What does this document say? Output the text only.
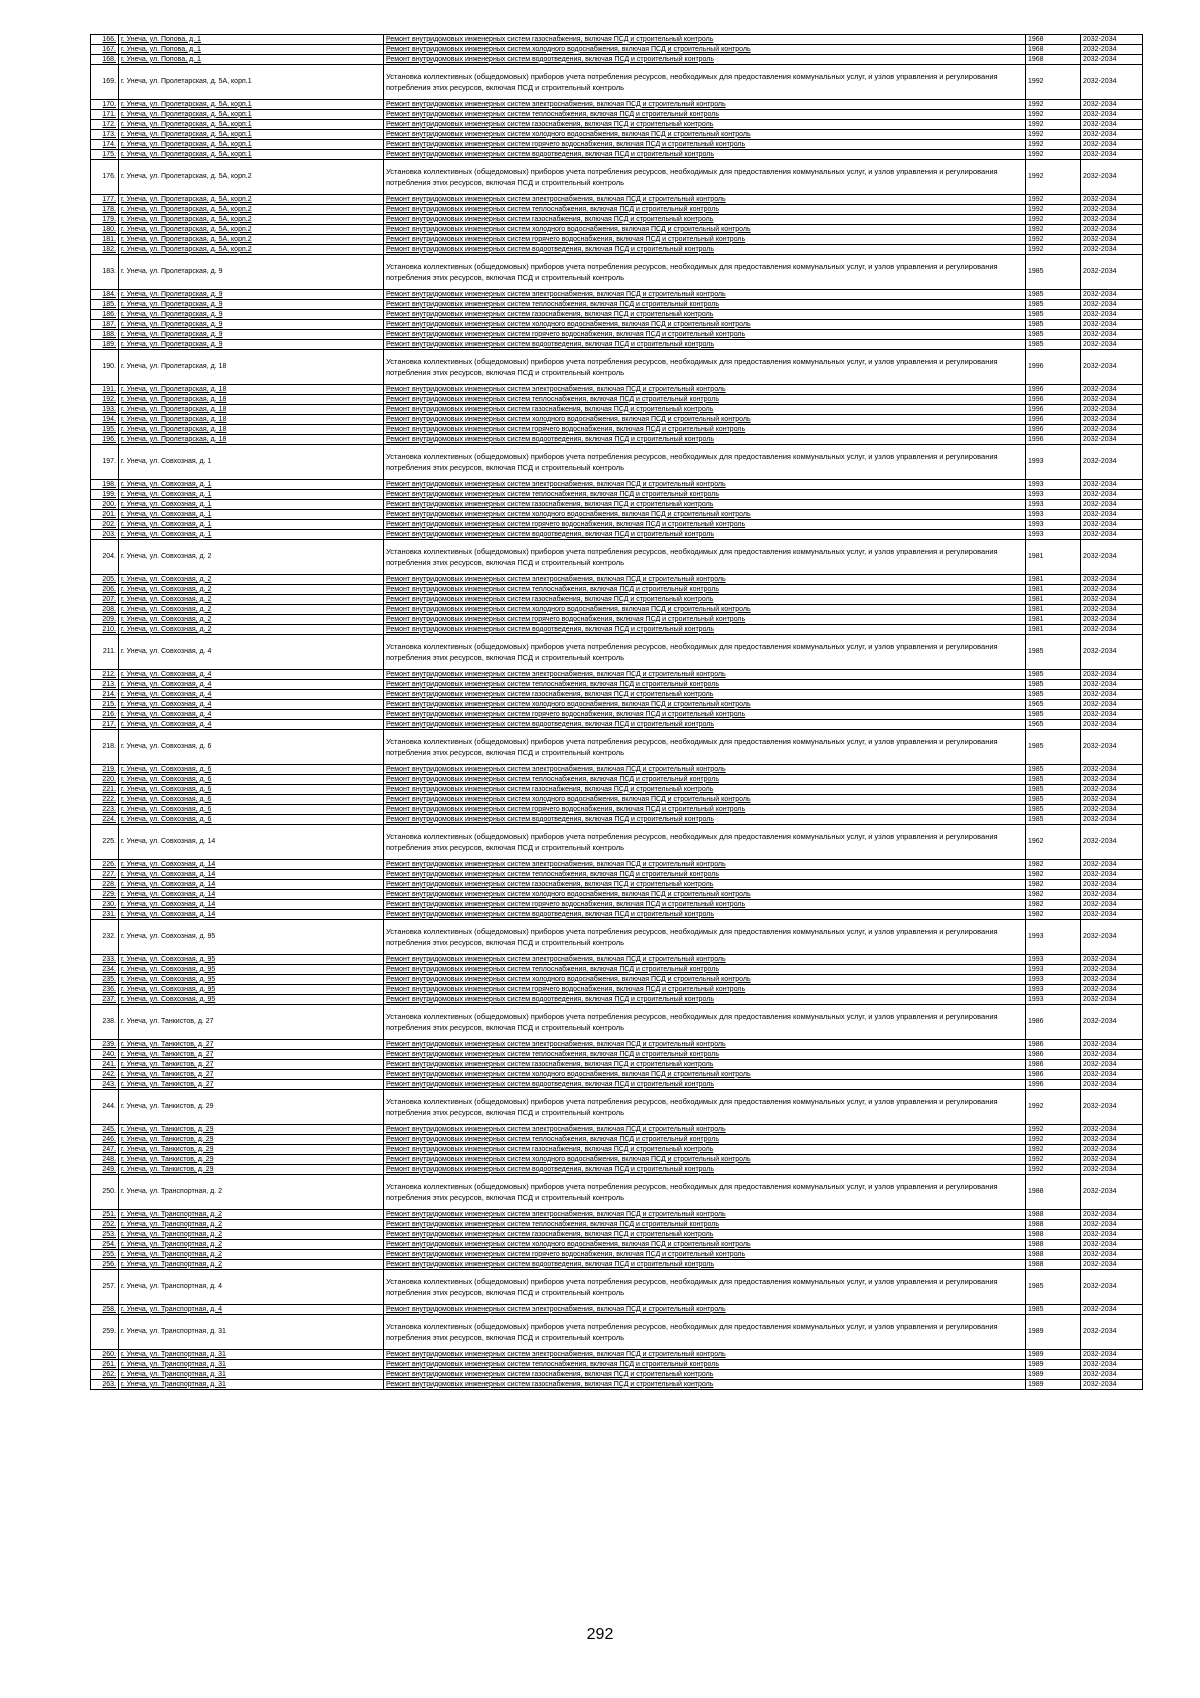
166.	г. Унеча, ул. Попова, д. 1	Ремонт внутридомовых инженерных систем газоснабжения, включая ПСД и строительный контроль	1968	2032-2034
167.	г. Унеча, ул. Попова, д. 1	Ремонт внутридомовых инженерных систем холодного водоснабжения, включая ПСД и строительный контроль	1968	2032-2034
168.	г. Унеча, ул. Попова, д. 1	Ремонт внутридомовых инженерных систем водоотведения, включая ПСД и строительный контроль	1968	2032-2034
169.	г. Унеча, ул. Пролетарская, д. 5А, корп.1	Установка коллективных (общедомовых) приборов учета потребления ресурсов, необходимых для предоставления коммунальных услуг, и узлов управления и регулирования потребления этих ресурсов, включая ПСД и строительный контроль	1992	2032-2034
170.	г. Унеча, ул. Пролетарская, д. 5А, корп.1	Ремонт внутридомовых инженерных систем электроснабжения, включая ПСД и строительный контроль	1992	2032-2034
171.	г. Унеча, ул. Пролетарская, д. 5А, корп.1	Ремонт внутридомовых инженерных систем теплоснабжения, включая ПСД и строительный контроль	1992	2032-2034
172.	г. Унеча, ул. Пролетарская, д. 5А, корп.1	Ремонт внутридомовых инженерных систем газоснабжения, включая ПСД и строительный контроль	1992	2032-2034
173.	г. Унеча, ул. Пролетарская, д. 5А, корп.1	Ремонт внутридомовых инженерных систем холодного водоснабжения, включая ПСД и строительный контроль	1992	2032-2034
174.	г. Унеча, ул. Пролетарская, д. 5А, корп.1	Ремонт внутридомовых инженерных систем горячего водоснабжения, включая ПСД и строительный контроль	1992	2032-2034
175.	г. Унеча, ул. Пролетарская, д. 5А, корп.1	Ремонт внутридомовых инженерных систем водоотведения, включая ПСД и строительный контроль	1992	2032-2034
176.	г. Унеча, ул. Пролетарская, д. 5А, корп.2	Установка коллективных (общедомовых) приборов учета потребления ресурсов, необходимых для предоставления коммунальных услуг, и узлов управления и регулирования потребления этих ресурсов, включая ПСД и строительный контроль	1992	2032-2034
177.	г. Унеча, ул. Пролетарская, д. 5А, корп.2	Ремонт внутридомовых инженерных систем электроснабжения, включая ПСД и строительный контроль	1992	2032-2034
178.	г. Унеча, ул. Пролетарская, д. 5А, корп.2	Ремонт внутридомовых инженерных систем теплоснабжения, включая ПСД и строительный контроль	1992	2032-2034
179.	г. Унеча, ул. Пролетарская, д. 5А, корп.2	Ремонт внутридомовых инженерных систем газоснабжения, включая ПСД и строительный контроль	1992	2032-2034
180.	г. Унеча, ул. Пролетарская, д. 5А, корп.2	Ремонт внутридомовых инженерных систем холодного водоснабжения, включая ПСД и строительный контроль	1992	2032-2034
181.	г. Унеча, ул. Пролетарская, д. 5А, корп.2	Ремонт внутридомовых инженерных систем горячего водоснабжения, включая ПСД и строительный контроль	1992	2032-2034
182.	г. Унеча, ул. Пролетарская, д. 5А, корп.2	Ремонт внутридомовых инженерных систем водоотведения, включая ПСД и строительный контроль	1992	2032-2034
183.	г. Унеча, ул. Пролетарская, д. 9	Установка коллективных (общедомовых) приборов учета потребления ресурсов, необходимых для предоставления коммунальных услуг, и узлов управления и регулирования потребления этих ресурсов, включая ПСД и строительный контроль	1985	2032-2034
184.	г. Унеча, ул. Пролетарская, д. 9	Ремонт внутридомовых инженерных систем электроснабжения, включая ПСД и строительный контроль	1985	2032-2034
185.	г. Унеча, ул. Пролетарская, д. 9	Ремонт внутридомовых инженерных систем теплоснабжения, включая ПСД и строительный контроль	1985	2032-2034
186.	г. Унеча, ул. Пролетарская, д. 9	Ремонт внутридомовых инженерных систем газоснабжения, включая ПСД и строительный контроль	1985	2032-2034
187.	г. Унеча, ул. Пролетарская, д. 9	Ремонт внутридомовых инженерных систем холодного водоснабжения, включая ПСД и строительный контроль	1985	2032-2034
188.	г. Унеча, ул. Пролетарская, д. 9	Ремонт внутридомовых инженерных систем горячего водоснабжения, включая ПСД и строительный контроль	1985	2032-2034
189.	г. Унеча, ул. Пролетарская, д. 9	Ремонт внутридомовых инженерных систем водоотведения, включая ПСД и строительный контроль	1985	2032-2034
190.	г. Унеча, ул. Пролетарская, д. 18	Установка коллективных (общедомовых) приборов учета потребления ресурсов, необходимых для предоставления коммунальных услуг, и узлов управления и регулирования потребления этих ресурсов, включая ПСД и строительный контроль	1996	2032-2034
191.	г. Унеча, ул. Пролетарская, д. 18	Ремонт внутридомовых инженерных систем электроснабжения, включая ПСД и строительный контроль	1996	2032-2034
192.	г. Унеча, ул. Пролетарская, д. 18	Ремонт внутридомовых инженерных систем теплоснабжения, включая ПСД и строительный контроль	1996	2032-2034
193.	г. Унеча, ул. Пролетарская, д. 18	Ремонт внутридомовых инженерных систем газоснабжения, включая ПСД и строительный контроль	1996	2032-2034
194.	г. Унеча, ул. Пролетарская, д. 18	Ремонт внутридомовых инженерных систем холодного водоснабжения, включая ПСД и строительный контроль	1996	2032-2034
195.	г. Унеча, ул. Пролетарская, д. 18	Ремонт внутридомовых инженерных систем горячего водоснабжения, включая ПСД и строительный контроль	1996	2032-2034
196.	г. Унеча, ул. Пролетарская, д. 18	Ремонт внутридомовых инженерных систем водоотведения, включая ПСД и строительный контроль	1996	2032-2034
197.	г. Унеча, ул. Совхозная, д. 1	Установка коллективных (общедомовых) приборов учета потребления ресурсов, необходимых для предоставления коммунальных услуг, и узлов управления и регулирования потребления этих ресурсов, включая ПСД и строительный контроль	1993	2032-2034
198.	г. Унеча, ул. Совхозная, д. 1	Ремонт внутридомовых инженерных систем электроснабжения, включая ПСД и строительный контроль	1993	2032-2034
199.	г. Унеча, ул. Совхозная, д. 1	Ремонт внутридомовых инженерных систем теплоснабжения, включая ПСД и строительный контроль	1993	2032-2034
200.	г. Унеча, ул. Совхозная, д. 1	Ремонт внутридомовых инженерных систем газоснабжения, включая ПСД и строительный контроль	1993	2032-2034
201.	г. Унеча, ул. Совхозная, д. 1	Ремонт внутридомовых инженерных систем холодного водоснабжения, включая ПСД и строительный контроль	1993	2032-2034
202.	г. Унеча, ул. Совхозная, д. 1	Ремонт внутридомовых инженерных систем горячего водоснабжения, включая ПСД и строительный контроль	1993	2032-2034
203.	г. Унеча, ул. Совхозная, д. 1	Ремонт внутридомовых инженерных систем водоотведения, включая ПСД и строительный контроль	1993	2032-2034
204.	г. Унеча, ул. Совхозная, д. 2	Установка коллективных (общедомовых) приборов учета потребления ресурсов, необходимых для предоставления коммунальных услуг, и узлов управления и регулирования потребления этих ресурсов, включая ПСД и строительный контроль	1981	2032-2034
205.	г. Унеча, ул. Совхозная, д. 2	Ремонт внутридомовых инженерных систем электроснабжения, включая ПСД и строительный контроль	1981	2032-2034
206.	г. Унеча, ул. Совхозная, д. 2	Ремонт внутридомовых инженерных систем теплоснабжения, включая ПСД и строительный контроль	1981	2032-2034
207.	г. Унеча, ул. Совхозная, д. 2	Ремонт внутридомовых инженерных систем газоснабжения, включая ПСД и строительный контроль	1981	2032-2034
208.	г. Унеча, ул. Совхозная, д. 2	Ремонт внутридомовых инженерных систем холодного водоснабжения, включая ПСД и строительный контроль	1981	2032-2034
209.	г. Унеча, ул. Совхозная, д. 2	Ремонт внутридомовых инженерных систем горячего водоснабжения, включая ПСД и строительный контроль	1981	2032-2034
210.	г. Унеча, ул. Совхозная, д. 2	Ремонт внутридомовых инженерных систем водоотведения, включая ПСД и строительный контроль	1981	2032-2034
211.	г. Унеча, ул. Совхозная, д. 4	Установка коллективных (общедомовых) приборов учета потребления ресурсов, необходимых для предоставления коммунальных услуг, и узлов управления и регулирования потребления этих ресурсов, включая ПСД и строительный контроль	1985	2032-2034
212.	г. Унеча, ул. Совхозная, д. 4	Ремонт внутридомовых инженерных систем электроснабжения, включая ПСД и строительный контроль	1985	2032-2034
213.	г. Унеча, ул. Совхозная, д. 4	Ремонт внутридомовых инженерных систем теплоснабжения, включая ПСД и строительный контроль	1985	2032-2034
214.	г. Унеча, ул. Совхозная, д. 4	Ремонт внутридомовых инженерных систем газоснабжения, включая ПСД и строительный контроль	1985	2032-2034
215.	г. Унеча, ул. Совхозная, д. 4	Ремонт внутридомовых инженерных систем холодного водоснабжения, включая ПСД и строительный контроль	1965	2032-2034
216.	г. Унеча, ул. Совхозная, д. 4	Ремонт внутридомовых инженерных систем горячего водоснабжения, включая ПСД и строительный контроль	1985	2032-2034
217.	г. Унеча, ул. Совхозная, д. 4	Ремонт внутридомовых инженерных систем водоотведения, включая ПСД и строительный контроль	1965	2032-2034
218.	г. Унеча, ул. Совхозная, д. 6	Установка коллективных (общедомовых) приборов учета потребления ресурсов, необходимых для предоставления коммунальных услуг, и узлов управления и регулирования потребления этих ресурсов, включая ПСД и строительный контроль	1985	2032-2034
219.	г. Унеча, ул. Совхозная, д. 6	Ремонт внутридомовых инженерных систем электроснабжения, включая ПСД и строительный контроль	1985	2032-2034
220.	г. Унеча, ул. Совхозная, д. 6	Ремонт внутридомовых инженерных систем теплоснабжения, включая ПСД и строительный контроль	1985	2032-2034
221.	г. Унеча, ул. Совхозная, д. 6	Ремонт внутридомовых инженерных систем газоснабжения, включая ПСД и строительный контроль	1985	2032-2034
222.	г. Унеча, ул. Совхозная, д. 6	Ремонт внутридомовых инженерных систем холодного водоснабжения, включая ПСД и строительный контроль	1985	2032-2034
223.	г. Унеча, ул. Совхозная, д. 6	Ремонт внутридомовых инженерных систем горячего водоснабжения, включая ПСД и строительный контроль	1985	2032-2034
224.	г. Унеча, ул. Совхозная, д. 6	Ремонт внутридомовых инженерных систем водоотведения, включая ПСД и строительный контроль	1985	2032-2034
225.	г. Унеча, ул. Совхозная, д. 14	Установка коллективных (общедомовых) приборов учета потребления ресурсов, необходимых для предоставления коммунальных услуг, и узлов управления и регулирования потребления этих ресурсов, включая ПСД и строительный контроль	1962	2032-2034
226.	г. Унеча, ул. Совхозная, д. 14	Ремонт внутридомовых инженерных систем электроснабжения, включая ПСД и строительный контроль	1982	2032-2034
227.	г. Унеча, ул. Совхозная, д. 14	Ремонт внутридомовых инженерных систем теплоснабжения, включая ПСД и строительный контроль	1982	2032-2034
228.	г. Унеча, ул. Совхозная, д. 14	Ремонт внутридомовых инженерных систем газоснабжения, включая ПСД и строительный контроль	1982	2032-2034
229.	г. Унеча, ул. Совхозная, д. 14	Ремонт внутридомовых инженерных систем холодного водоснабжения, включая ПСД и строительный контроль	1982	2032-2034
230.	г. Унеча, ул. Совхозная, д. 14	Ремонт внутридомовых инженерных систем горячего водоснабжения, включая ПСД и строительный контроль	1982	2032-2034
231.	г. Унеча, ул. Совхозная, д. 14	Ремонт внутридомовых инженерных систем водоотведения, включая ПСД и строительный контроль	1982	2032-2034
232.	г. Унеча, ул. Совхозная, д. 95	Установка коллективных (общедомовых) приборов учета потребления ресурсов, необходимых для предоставления коммунальных услуг, и узлов управления и регулирования потребления этих ресурсов, включая ПСД и строительный контроль	1993	2032-2034
233.	г. Унеча, ул. Совхозная, д. 95	Ремонт внутридомовых инженерных систем электроснабжения, включая ПСД и строительный контроль	1993	2032-2034
234.	г. Унеча, ул. Совхозная, д. 95	Ремонт внутридомовых инженерных систем теплоснабжения, включая ПСД и строительный контроль	1993	2032-2034
235.	г. Унеча, ул. Совхозная, д. 95	Ремонт внутридомовых инженерных систем холодного водоснабжения, включая ПСД и строительный контроль	1993	2032-2034
236.	г. Унеча, ул. Совхозная, д. 95	Ремонт внутридомовых инженерных систем горячего водоснабжения, включая ПСД и строительный контроль	1993	2032-2034
237.	г. Унеча, ул. Совхозная, д. 95	Ремонт внутридомовых инженерных систем водоотведения, включая ПСД и строительный контроль	1993	2032-2034
238.	г. Унеча, ул. Танкистов, д. 27	Установка коллективных (общедомовых) приборов учета потребления ресурсов, необходимых для предоставления коммунальных услуг, и узлов управления и регулирования потребления этих ресурсов, включая ПСД и строительный контроль	1986	2032-2034
239.	г. Унеча, ул. Танкистов, д. 27	Ремонт внутридомовых инженерных систем электроснабжения, включая ПСД и строительный контроль	1986	2032-2034
240.	г. Унеча, ул. Танкистов, д. 27	Ремонт внутридомовых инженерных систем теплоснабжения, включая ПСД и строительный контроль	1986	2032-2034
241.	г. Унеча, ул. Танкистов, д. 27	Ремонт внутридомовых инженерных систем газоснабжения, включая ПСД и строительный контроль	1986	2032-2034
242.	г. Унеча, ул. Танкистов, д. 27	Ремонт внутридомовых инженерных систем холодного водоснабжения, включая ПСД и строительный контроль	1986	2032-2034
243.	г. Унеча, ул. Танкистов, д. 27	Ремонт внутридомовых инженерных систем водоотведения, включая ПСД и строительный контроль	1996	2032-2034
244.	г. Унеча, ул. Танкистов, д. 29	Установка коллективных (общедомовых) приборов учета потребления ресурсов, необходимых для предоставления коммунальных услуг, и узлов управления и регулирования потребления этих ресурсов, включая ПСД и строительный контроль	1992	2032-2034
245.	г. Унеча, ул. Танкистов, д. 29	Ремонт внутридомовых инженерных систем электроснабжения, включая ПСД и строительный контроль	1992	2032-2034
246.	г. Унеча, ул. Танкистов, д. 29	Ремонт внутридомовых инженерных систем теплоснабжения, включая ПСД и строительный контроль	1992	2032-2034
247.	г. Унеча, ул. Танкистов, д. 29	Ремонт внутридомовых инженерных систем газоснабжения, включая ПСД и строительный контроль	1992	2032-2034
248.	г. Унеча, ул. Танкистов, д. 29	Ремонт внутридомовых инженерных систем холодного водоснабжения, включая ПСД и строительный контроль	1992	2032-2034
249.	г. Унеча, ул. Танкистов, д. 29	Ремонт внутридомовых инженерных систем водоотведения, включая ПСД и строительный контроль	1992	2032-2034
250.	г. Унеча, ул. Транспортная, д. 2	Установка коллективных (общедомовых) приборов учета потребления ресурсов, необходимых для предоставления коммунальных услуг, и узлов управления и регулирования потребления этих ресурсов, включая ПСД и строительный контроль	1988	2032-2034
251.	г. Унеча, ул. Транспортная, д. 2	Ремонт внутридомовых инженерных систем электроснабжения, включая ПСД и строительный контроль	1988	2032-2034
252.	г. Унеча, ул. Транспортная, д. 2	Ремонт внутридомовых инженерных систем теплоснабжения, включая ПСД и строительный контроль	1988	2032-2034
253.	г. Унеча, ул. Транспортная, д. 2	Ремонт внутридомовых инженерных систем газоснабжения, включая ПСД и строительный контроль	1988	2032-2034
254.	г. Унеча, ул. Транспортная, д. 2	Ремонт внутридомовых инженерных систем холодного водоснабжения, включая ПСД и строительный контроль	1988	2032-2034
255.	г. Унеча, ул. Транспортная, д. 2	Ремонт внутридомовых инженерных систем горячего водоснабжения, включая ПСД и строительный контроль	1988	2032-2034
256.	г. Унеча, ул. Транспортная, д. 2	Ремонт внутридомовых инженерных систем водоотведения, включая ПСД и строительный контроль	1988	2032-2034
257.	г. Унеча, ул. Транспортная, д. 4	Установка коллективных (общедомовых) приборов учета потребления ресурсов, необходимых для предоставления коммунальных услуг, и узлов управления и регулирования потребления этих ресурсов, включая ПСД и строительный контроль	1985	2032-2034
258.	г. Унеча, ул. Транспортная, д. 4	Ремонт внутридомовых инженерных систем электроснабжения, включая ПСД и строительный контроль	1985	2032-2034
259.	г. Унеча, ул. Транспортная, д. 31	Установка коллективных (общедомовых) приборов учета потребления ресурсов, необходимых для предоставления коммунальных услуг, и узлов управления и регулирования потребления этих ресурсов, включая ПСД и строительный контроль	1989	2032-2034
260.	г. Унеча, ул. Транспортная, д. 31	Ремонт внутридомовых инженерных систем электроснабжения, включая ПСД и строительный контроль	1989	2032-2034
261.	г. Унеча, ул. Транспортная, д. 31	Ремонт внутридомовых инженерных систем теплоснабжения, включая ПСД и строительный контроль	1989	2032-2034
262.	г. Унеча, ул. Транспортная, д. 31	Ремонт внутридомовых инженерных систем газоснабжения, включая ПСД и строительный контроль	1989	2032-2034
263.	г. Унеча, ул. Транспортная, д. 31	Ремонт внутридомовых инженерных систем газоснабжения, включая ПСД и строительный контроль	1989	2032-2034
292
